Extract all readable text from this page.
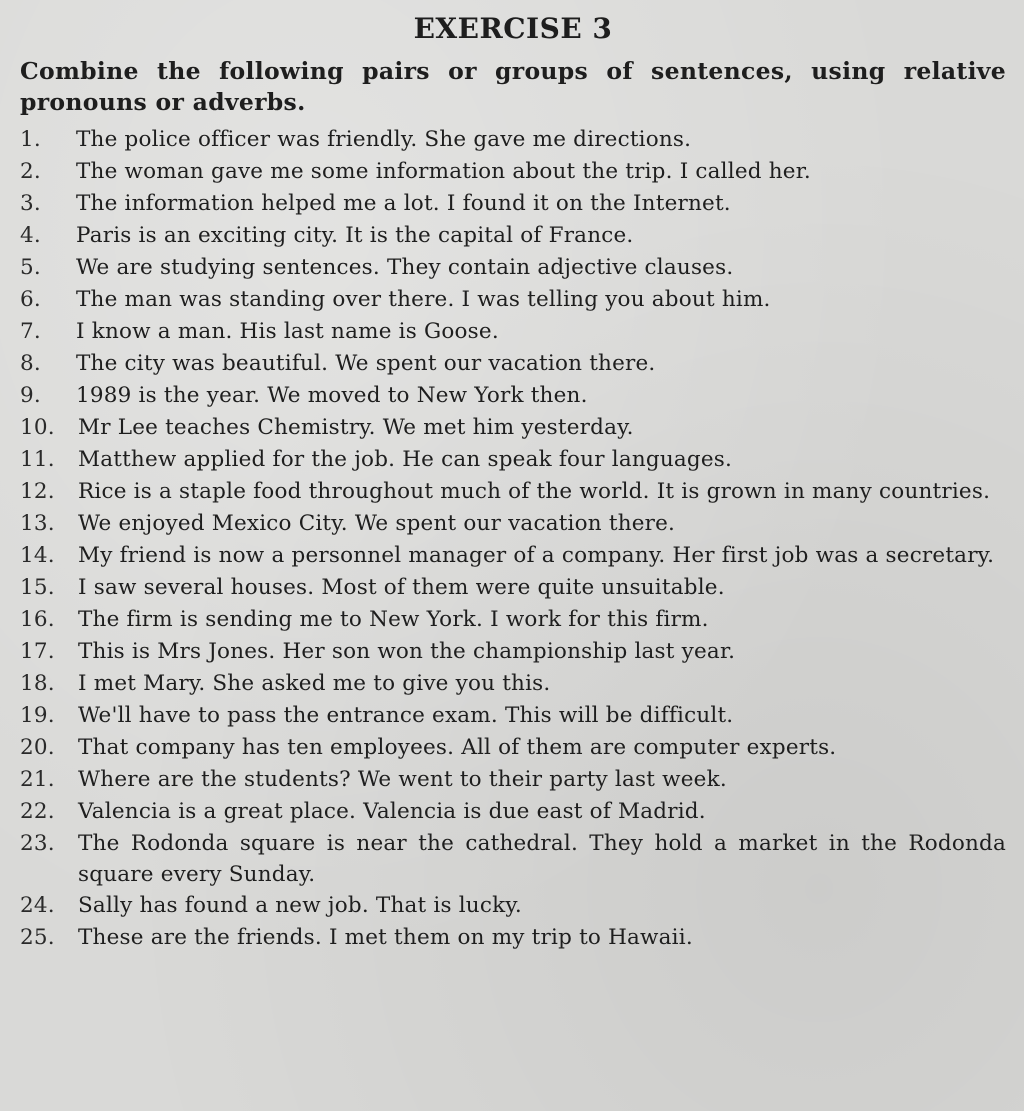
EXERCISE 3
Combine the following pairs or groups of sentences, using relative pronouns or adverbs.
1.	The police officer was friendly. She gave me directions.
2.	The woman gave me some information about the trip. I called her.
3.	The information helped me a lot. I found it on the Internet.
4.	Paris is an exciting city. It is the capital of France.
5.	We are studying sentences. They contain adjective clauses.
6.	The man was standing over there. I was telling you about him.
7.	I know a man. His last name is Goose.
8.	The city was beautiful. We spent our vacation there.
9.	1989 is the year. We moved to New York then.
10.	Mr Lee teaches Chemistry. We met him yesterday.
11.	Matthew applied for the job. He can speak four languages.
12.	Rice is a staple food throughout much of the world. It is grown in many countries.
13.	We enjoyed Mexico City. We spent our vacation there.
14.	My friend is now a personnel manager of a company. Her first job was a secretary.
15.	I saw several houses. Most of them were quite unsuitable.
16.	The firm is sending me to New York. I work for this firm.
17.	This is Mrs Jones. Her son won the championship last year.
18.	I met Mary. She asked me to give you this.
19.	We'll have to pass the entrance exam. This will be difficult.
20.	That company has ten employees. All of them are computer experts.
21.	Where are the students? We went to their party last week.
22.	Valencia is a great place. Valencia is due east of Madrid.
23.	The Rodonda square is near the cathedral. They hold a market in the Rodonda square every Sunday.
24.	Sally has found a new job. That is lucky.
25.	These are the friends. I met them on my trip to Hawaii.
